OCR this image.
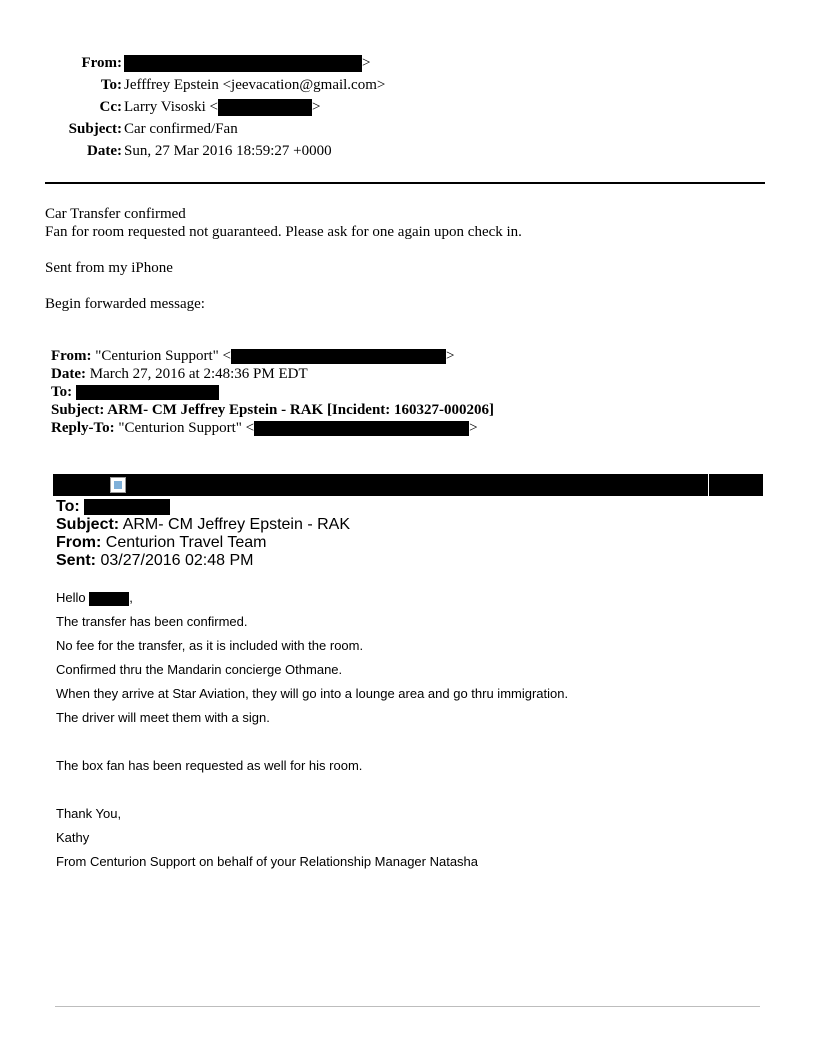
From:	>
To: Jefffrey Epstein <jeevacation@gmail.com>
Cc: Larry Visoski <	>
Subject: Car confirmed/Fan
Date: Sun, 27 Mar 2016 18:59:27 +0000

Car Transfer confirmed

Fan for room requested not guaranteed. Please ask for one again upon check in.

Sent from my iPhone

Begin forwarded message:

From: "Centurion Support" <	>
Date: March 27, 2016 at 2:48:36 PM EDT
To:
Subject: ARM- CM Jeffrey Epstein - RAK [Incident: 160327-000206]
Reply-To: "Centurion Support" <	>
To:
Subject: ARM- CM Jeffrey Epstein - RAK
From: Centurion Travel Team
Sent: 03/27/2016 02:48 PM

Hello	,

The transfer has been confirmed.

No fee for the transfer, as it is included with the room.

Confirmed thru the Mandarin concierge Othmane.

When they arrive at Star Aviation, they will go into a lounge area and go thru immigration.

The driver will meet them with a sign.

The box fan has been requested as well for his room.

Thank You,

Kathy

From Centurion Support on behalf of your Relationship Manager Natasha
